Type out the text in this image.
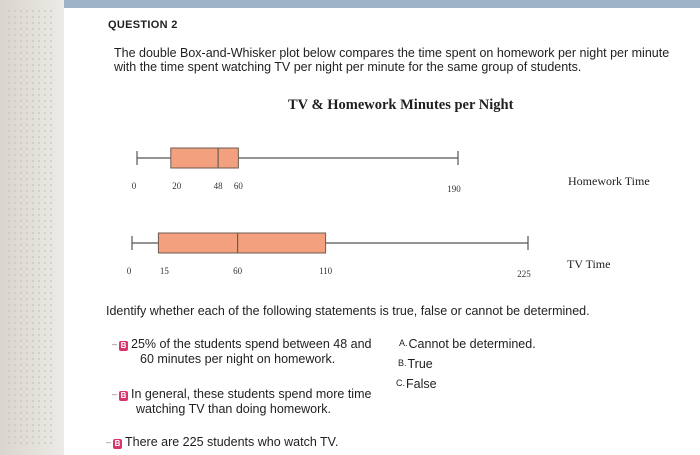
QUESTION 2
The double Box-and-Whisker plot below compares the time spent on homework per night per minute with the time spent watching TV per night per minute for the same group of students.
TV & Homework Minutes per Night
0	20	48 60	190
0	15	60	110	225
Homework Time
TV Time
Identify whether each of the following statements is true, false or cannot be determined.
– B 25% of the students spend between 48 and
60 minutes per night on homework.
– B In general, these students spend more time
watching TV than doing homework.
– B There are 225 students who watch TV.
A.Cannot be determined.
B.True
C.False
